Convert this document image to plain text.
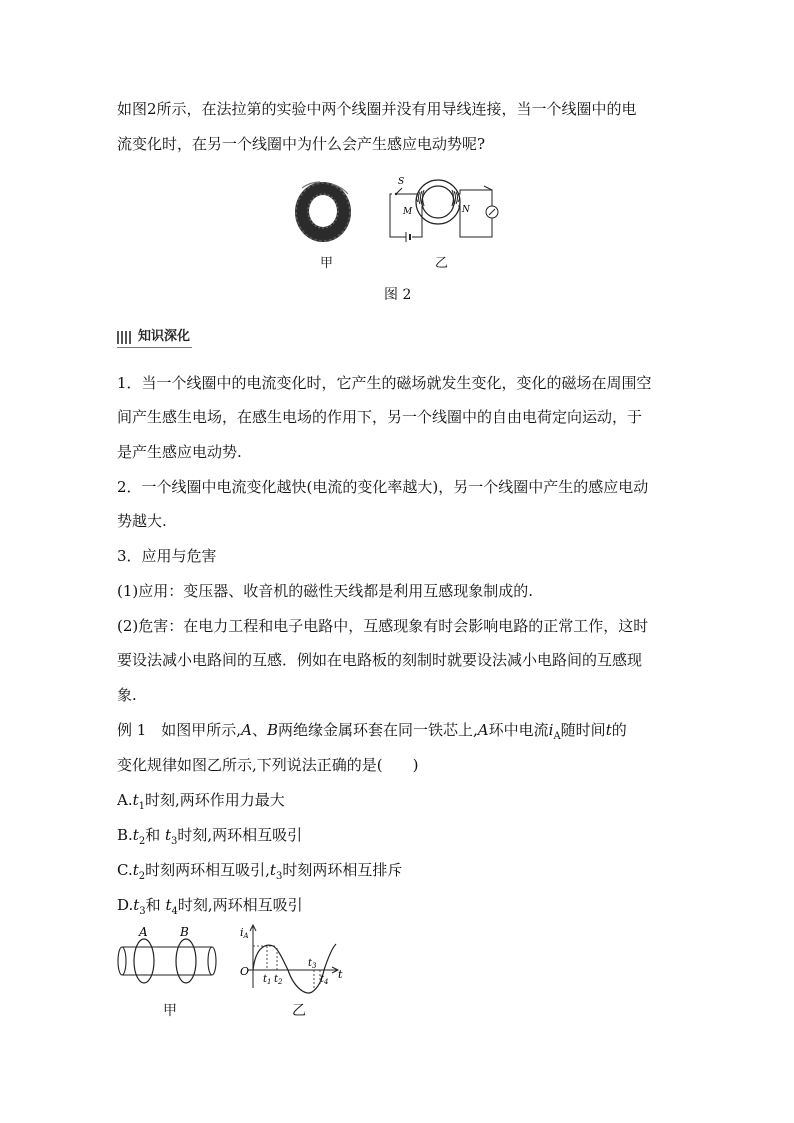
如图2所示，在法拉第的实验中两个线圈并没有用导线连接，当一个线圈中的电
流变化时，在另一个线圈中为什么会产生感应电动势呢?
甲
S
M	N
乙
图 2
知识深化
1．当一个线圈中的电流变化时，它产生的磁场就发生变化，变化的磁场在周围空
间产生感生电场，在感生电场的作用下，另一个线圈中的自由电荷定向运动，于
是产生感应电动势.
2．一个线圈中电流变化越快(电流的变化率越大)，另一个线圈中产生的感应电动
势越大.
3．应用与危害
(1)应用：变压器、收音机的磁性天线都是利用互感现象制成的.
(2)危害：在电力工程和电子电路中，互感现象有时会影响电路的正常工作，这时
要设法减小电路间的互感．例如在电路板的刻制时就要设法减小电路间的互感现
象.
例 1　如图甲所示,A、B两绝缘金属环套在同一铁芯上,A环中电流$i_A$随时间t的
变化规律如图乙所示,下列说法正确的是(　　)
$A.t_1$时刻,两环作用力最大
$B.t_2$和 $t_3$时刻,两环相互吸引
$C.t_2$时刻两环相互吸引$,t_3$时刻两环相互排斥
$D.t_3$和 $t_4$时刻,两环相互吸引
A	B
甲
iA
O	t
$t_1$ $t_2$
$t_3$
$t_4$
乙
